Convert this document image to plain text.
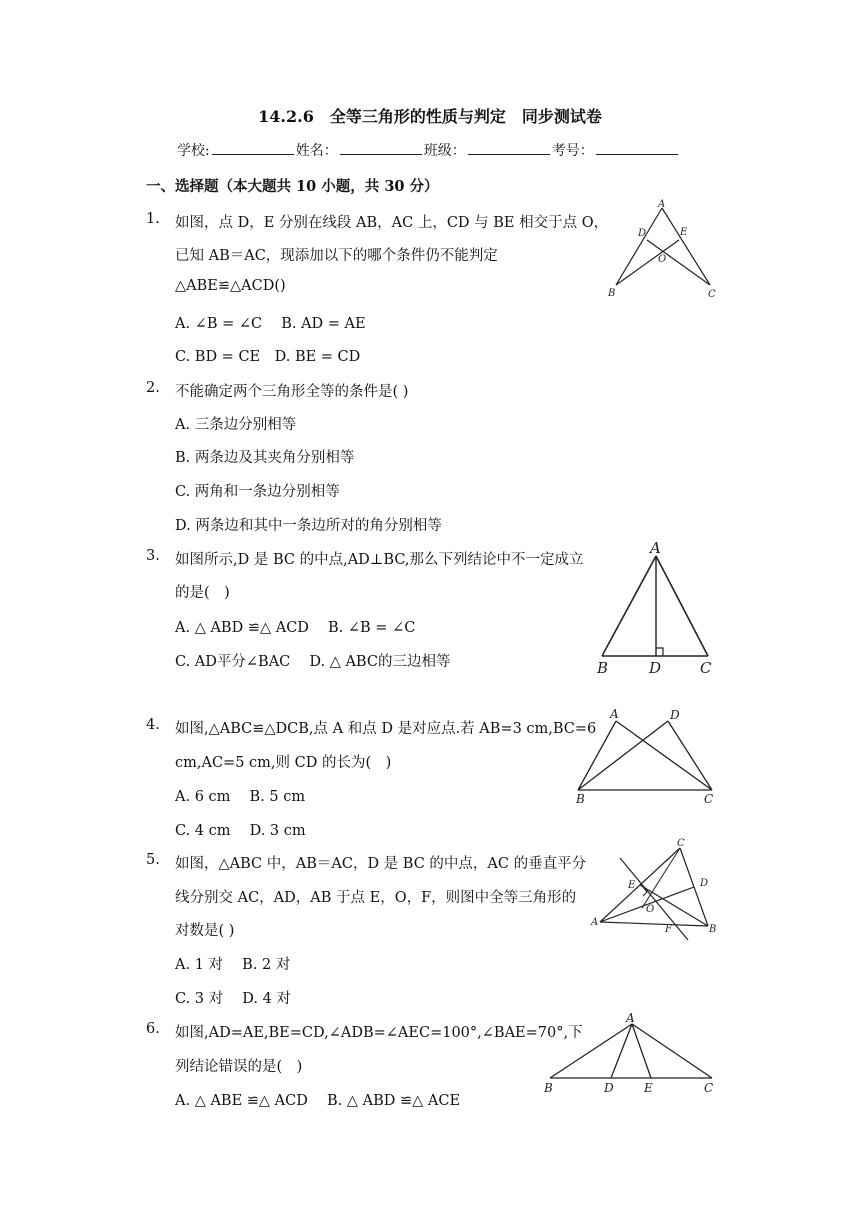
14.2.6　全等三角形的性质与判定　同步测试卷
学校:	姓名：	班级：	考号：
一、选择题（本大题共 10 小题，共 30 分）
1. 如图，点 D，E 分别在线段 AB，AC 上，CD 与 BE 相交于点 O，
已知 AB＝AC，现添加以下的哪个条件仍不能判定
△ABE≌△ACD()
A. ∠B = ∠C　 B. AD = AE
C. BD = CE　D. BE = CD
A
D	E
O
B	C
2. 不能确定两个三角形全等的条件是( )
A. 三条边分别相等
B. 两条边及其夹角分别相等
C. 两角和一条边分别相等
D. 两条边和其中一条边所对的角分别相等
3. 如图所示,D 是 BC 的中点,AD⊥BC,那么下列结论中不一定成立
的是(　)
A. △ ABD ≌△ ACD　 B. ∠B = ∠C
C. AD平分∠BAC　 D. △ ABC的三边相等
A
B	D	C
4. 如图,△ABC≌△DCB,点 A 和点 D 是对应点.若 AB=3 cm,BC=6
cm,AC=5 cm,则 CD 的长为(　)
A. 6 cm　 B. 5 cm
C. 4 cm　 D. 3 cm
A	D
B	C
5. 如图，△ABC 中，AB＝AC，D 是 BC 的中点，AC 的垂直平分
线分别交 AC，AD，AB 于点 E，O，F，则图中全等三角形的
对数是( )
A. 1 对　 B. 2 对
C. 3 对　 D. 4 对
C
E	D
O
A
F	B
6. 如图,AD=AE,BE=CD,∠ADB=∠AEC=100°,∠BAE=70°,下
列结论错误的是(　)
A. △ ABE ≌△ ACD　 B. △ ABD ≌△ ACE
A
B	D	E	C
